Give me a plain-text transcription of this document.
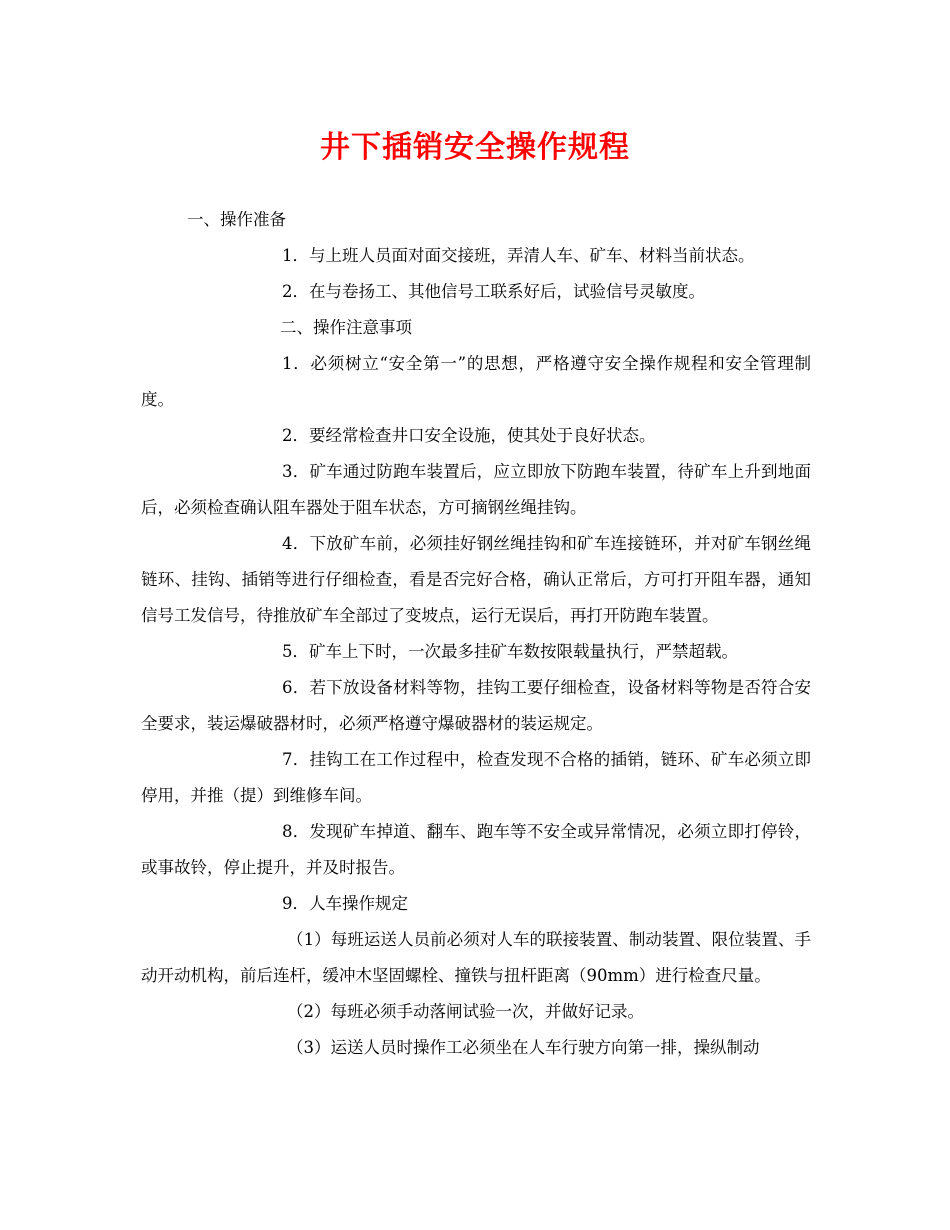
井下插销安全操作规程

一、操作准备

1．与上班人员面对面交接班，弄清人车、矿车、材料当前状态。

2．在与卷扬工、其他信号工联系好后，试验信号灵敏度。

二、操作注意事项

1．必须树立“安全第一”的思想，严格遵守安全操作规程和安全管理制度。

2．要经常检查井口安全设施，使其处于良好状态。

3．矿车通过防跑车装置后，应立即放下防跑车装置，待矿车上升到地面后，必须检查确认阻车器处于阻车状态，方可摘钢丝绳挂钩。

4．下放矿车前，必须挂好钢丝绳挂钩和矿车连接链环，并对矿车钢丝绳链环、挂钩、插销等进行仔细检查，看是否完好合格，确认正常后，方可打开阻车器，通知信号工发信号，待推放矿车全部过了变坡点，运行无误后，再打开防跑车装置。

5．矿车上下时，一次最多挂矿车数按限载量执行，严禁超载。

6．若下放设备材料等物，挂钩工要仔细检查，设备材料等物是否符合安全要求，装运爆破器材时，必须严格遵守爆破器材的装运规定。

7．挂钩工在工作过程中，检查发现不合格的插销，链环、矿车必须立即停用，并推（提）到维修车间。

8．发现矿车掉道、翻车、跑车等不安全或异常情况，必须立即打停铃，或事故铃，停止提升，并及时报告。

9．人车操作规定

（1）每班运送人员前必须对人车的联接装置、制动装置、限位装置、手动开动机构，前后连杆，缓冲木坚固螺栓、撞铁与扭杆距离（90mm）进行检查尺量。

（2）每班必须手动落闸试验一次，并做好记录。

（3）运送人员时操作工必须坐在人车行驶方向第一排，操纵制动
